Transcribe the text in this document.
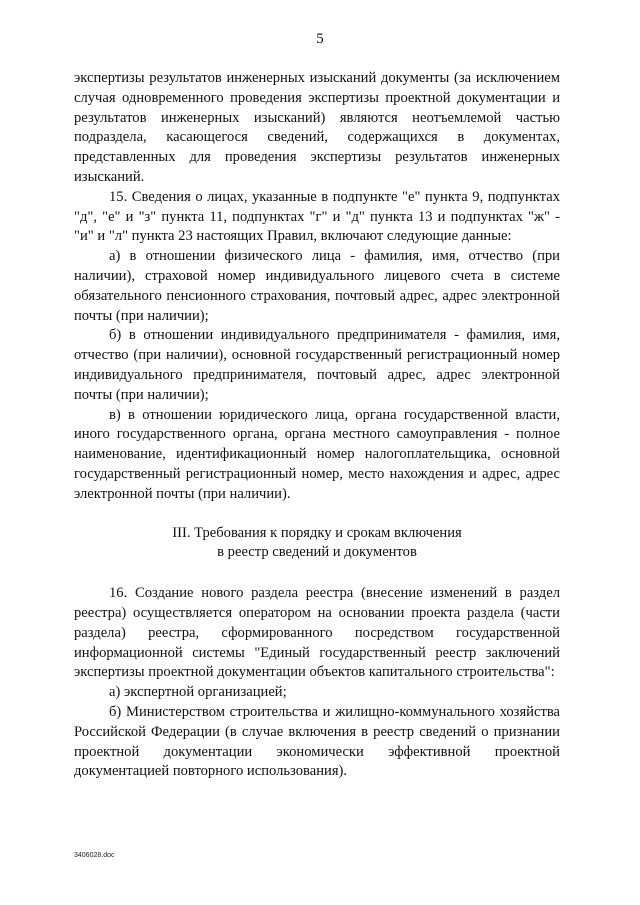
5

экспертизы результатов инженерных изысканий документы (за исключением случая одновременного проведения экспертизы проектной документации и результатов инженерных изысканий) являются неотъемлемой частью подраздела, касающегося сведений, содержащихся в документах, представленных для проведения экспертизы результатов инженерных изысканий.

15. Сведения о лицах, указанные в подпункте "е" пункта 9, подпунктах "д", "е" и "з" пункта 11, подпунктах "г" и "д" пункта 13 и подпунктах "ж" - "и" и "л" пункта 23 настоящих Правил, включают следующие данные:

а) в отношении физического лица - фамилия, имя, отчество (при наличии), страховой номер индивидуального лицевого счета в системе обязательного пенсионного страхования, почтовый адрес, адрес электронной почты (при наличии);

б) в отношении индивидуального предпринимателя - фамилия, имя, отчество (при наличии), основной государственный регистрационный номер индивидуального предпринимателя, почтовый адрес, адрес электронной почты (при наличии);

в) в отношении юридического лица, органа государственной власти, иного государственного органа, органа местного самоуправления - полное наименование, идентификационный номер налогоплательщика, основной государственный регистрационный номер, место нахождения и адрес, адрес электронной почты (при наличии).

III. Требования к порядку и срокам включения
в реестр сведений и документов

16. Создание нового раздела реестра (внесение изменений в раздел реестра) осуществляется оператором на основании проекта раздела (части раздела) реестра, сформированного посредством государственной информационной системы "Единый государственный реестр заключений экспертизы проектной документации объектов капитального строительства":

а) экспертной организацией;

б) Министерством строительства и жилищно-коммунального хозяйства Российской Федерации (в случае включения в реестр сведений о признании проектной документации экономически эффективной проектной документацией повторного использования).

3406028.doc
